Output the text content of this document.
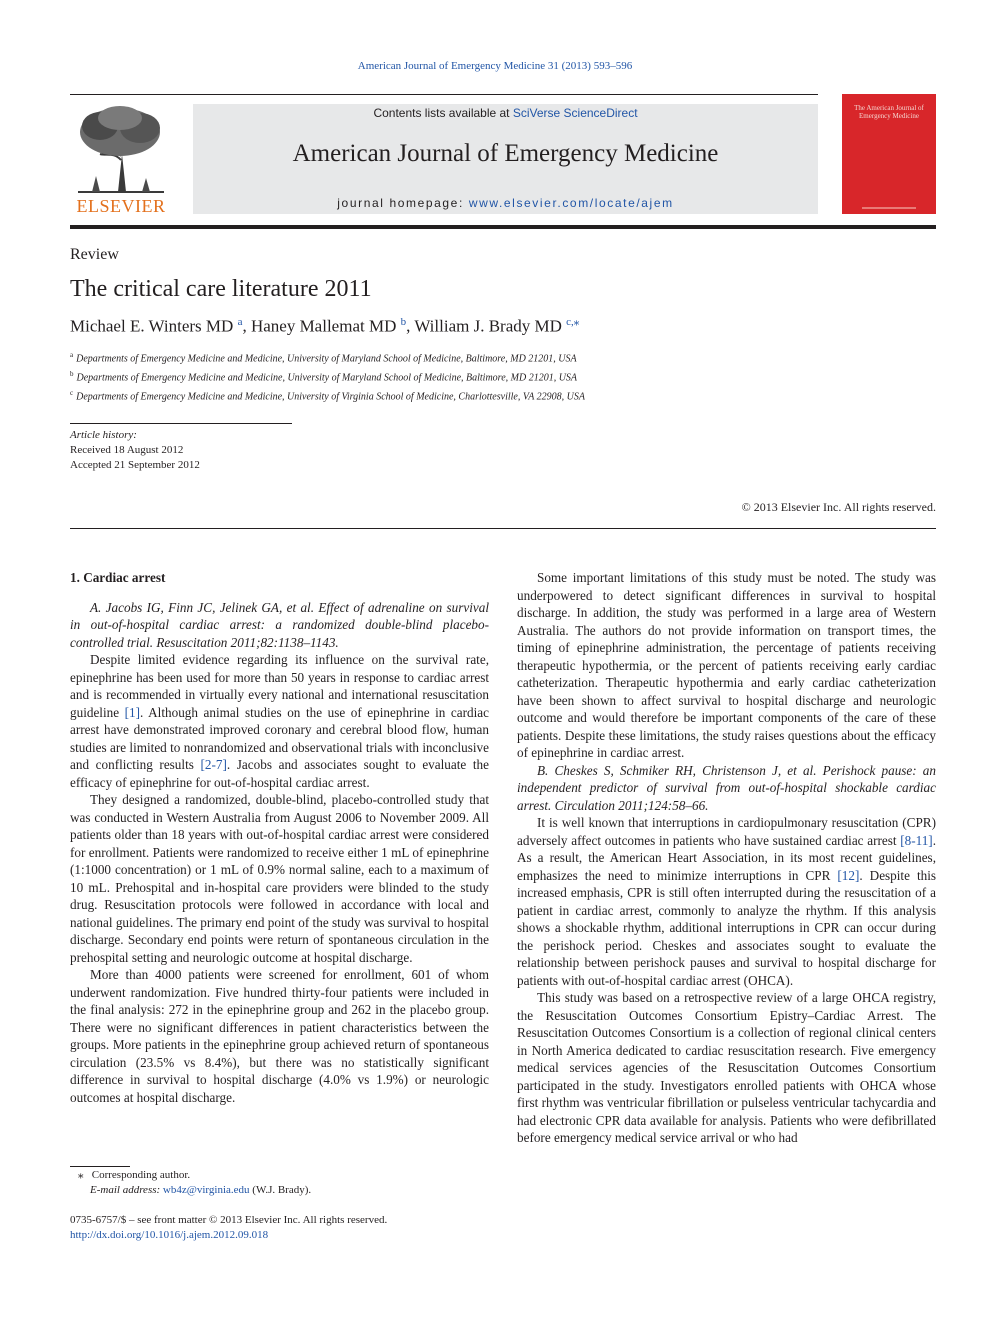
American Journal of Emergency Medicine 31 (2013) 593–596
ELSEVIER
Contents lists available at SciVerse ScienceDirect
American Journal of Emergency Medicine
journal homepage: www.elsevier.com/locate/ajem
The American Journal of Emergency Medicine
Review
The critical care literature 2011
Michael E. Winters MD $^a$, Haney Mallemat MD $^b$, William J. Brady MD $^{c,⁎}$
$^a$ Departments of Emergency Medicine and Medicine, University of Maryland School of Medicine, Baltimore, MD 21201, USA
$^b$ Departments of Emergency Medicine and Medicine, University of Maryland School of Medicine, Baltimore, MD 21201, USA
$^c$ Departments of Emergency Medicine and Medicine, University of Virginia School of Medicine, Charlottesville, VA 22908, USA
Article history:
Received 18 August 2012
Accepted 21 September 2012
© 2013 Elsevier Inc. All rights reserved.
1. Cardiac arrest

A. Jacobs IG, Finn JC, Jelinek GA, et al. Effect of adrenaline on survival in out-of-hospital cardiac arrest: a randomized double-blind placebo-controlled trial. Resuscitation 2011;82:1138–1143.

Despite limited evidence regarding its influence on the survival rate, epinephrine has been used for more than 50 years in response to cardiac arrest and is recommended in virtually every national and international resuscitation guideline [1]. Although animal studies on the use of epinephrine in cardiac arrest have demonstrated improved coronary and cerebral blood flow, human studies are limited to nonrandomized and observational trials with inconclusive and conflicting results [2-7]. Jacobs and associates sought to evaluate the efficacy of epinephrine for out-of-hospital cardiac arrest.

They designed a randomized, double-blind, placebo-controlled study that was conducted in Western Australia from August 2006 to November 2009. All patients older than 18 years with out-of-hospital cardiac arrest were considered for enrollment. Patients were randomized to receive either 1 mL of epinephrine (1:1000 concentration) or 1 mL of 0.9% normal saline, each to a maximum of 10 mL. Prehospital and in-hospital care providers were blinded to the study drug. Resuscitation protocols were followed in accordance with local and national guidelines. The primary end point of the study was survival to hospital discharge. Secondary end points were return of spontaneous circulation in the prehospital setting and neurologic outcome at hospital discharge.

More than 4000 patients were screened for enrollment, 601 of whom underwent randomization. Five hundred thirty-four patients were included in the final analysis: 272 in the epinephrine group and 262 in the placebo group. There were no significant differences in patient characteristics between the groups. More patients in the epinephrine group achieved return of spontaneous circulation (23.5% vs 8.4%), but there was no statistically significant difference in survival to hospital discharge (4.0% vs 1.9%) or neurologic outcomes at hospital discharge.

Some important limitations of this study must be noted. The study was underpowered to detect significant differences in survival to hospital discharge. In addition, the study was performed in a large area of Western Australia. The authors do not provide information on transport times, the timing of epinephrine administration, the percentage of patients receiving therapeutic hypothermia, or the percent of patients receiving early cardiac catheterization. Therapeutic hypothermia and early cardiac catheterization have been shown to affect survival to hospital discharge and neurologic outcome and would therefore be important components of the care of these patients. Despite these limitations, the study raises questions about the efficacy of epinephrine in cardiac arrest.

B. Cheskes S, Schmiker RH, Christenson J, et al. Perishock pause: an independent predictor of survival from out-of-hospital shockable cardiac arrest. Circulation 2011;124:58–66.

It is well known that interruptions in cardiopulmonary resuscitation (CPR) adversely affect outcomes in patients who have sustained cardiac arrest [8-11]. As a result, the American Heart Association, in its most recent guidelines, emphasizes the need to minimize interruptions in CPR [12]. Despite this increased emphasis, CPR is still often interrupted during the resuscitation of a patient in cardiac arrest, commonly to analyze the rhythm. If this analysis shows a shockable rhythm, additional interruptions in CPR can occur during the perishock period. Cheskes and associates sought to evaluate the relationship between perishock pauses and survival to hospital discharge for patients with out-of-hospital cardiac arrest (OHCA).

This study was based on a retrospective review of a large OHCA registry, the Resuscitation Outcomes Consortium Epistry–Cardiac Arrest. The Resuscitation Outcomes Consortium is a collection of regional clinical centers in North America dedicated to cardiac resuscitation research. Five emergency medical services agencies of the Resuscitation Outcomes Consortium participated in the study. Investigators enrolled patients with OHCA whose first rhythm was ventricular fibrillation or pulseless ventricular tachycardia and had electronic CPR data available for analysis. Patients who were defibrillated before emergency medical service arrival or who had

⁎ Corresponding author.
E-mail address: wb4z@virginia.edu (W.J. Brady).
0735-6757/$ – see front matter © 2013 Elsevier Inc. All rights reserved.
http://dx.doi.org/10.1016/j.ajem.2012.09.018
